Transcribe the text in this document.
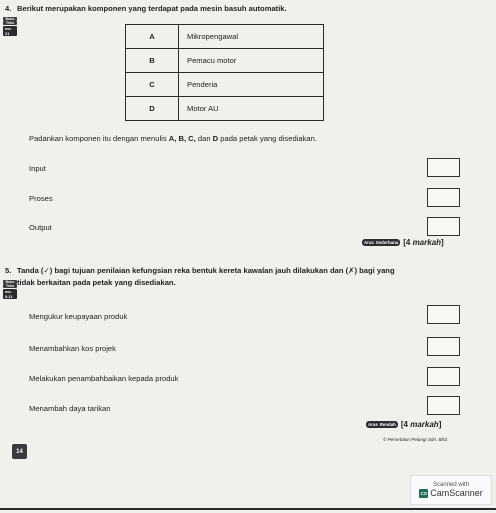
4. Berikut merupakan komponen yang terdapat pada mesin basuh automatik.
Buku
Teks
ms. 21	A	Mikropengawal
B	Pemacu motor
C	Penderia
D	Motor AU
Padankan komponen itu dengan menulis A, B, C, dan D pada petak yang disediakan.
Input
Proses
Output
Aras Sederhana [4 markah]
5. Tanda (✓) bagi tujuan penilaian kefungsian reka bentuk kereta kawalan jauh dilakukan dan (✗) bagi yang
tidak berkaitan pada petak yang disediakan.
Buku
Teks
ms. 9-11
Mengukur keupayaan produk
Menambahkan kos projek
Melakukan penambahbaikan kepada produk
Menambah daya tarikan
Aras Rendah [4 markah]
14
© Penerbitan Pelangi Sdn. Bhd.
Scanned with
CS CamScanner
